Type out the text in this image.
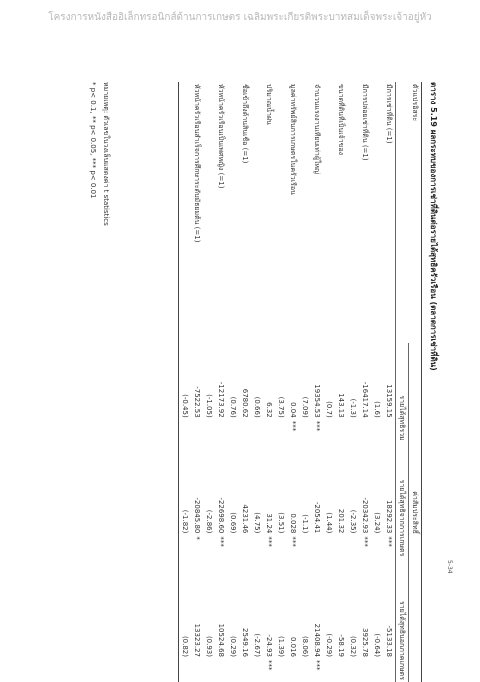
โครงการหนังสืออิเล็กทรอนิกส์ด้านการเกษตร เฉลิมพระเกียรติพระบาทสมเด็จพระเจ้าอยู่หัว
5-34
ตาราง 5.19 ผลกระทบของการเช่าที่ดินต่อรายได้สุทธิครัวเรือน (ตลาดการเช่าที่ดิน)
ตัวแปรอิสระ	ค่าสัมประสิทธิ์		
	รายได้สุทธิรวม	รายได้สุทธิจากการเกษตร	รายได้สุทธินอกภาคเกษตร
มีการเช่าที่ดิน (=1)	13159.15	18292.33***	-5133.18
	(1.6)	(3.24)	(-0.64)
มีการปล่อยเช่าที่ดิน (=1)	-16417.14	-20342.93***	3925.78
	(-1.3)	(-2.35)	(0.32)
ขนาดที่ดินที่เป็นเจ้าของ	143.13	201.32	-58.19
	(0.7)	(1.44)	(-0.29)
จำนวนแรงงานเทียบเท่าผู้ใหญ่	19354.53***	-2054.41	21408.94***
	(7.09)	(-1.1)	(8.06)
มูลค่าทรัพย์สินการเกษตรในครัวเรือน	0.04***	0.028***	0.016
	(3.75)	(3.51)	(1.39)
ปริมาณน้ำฝน	6.32	31.24***	-24.93***
	(0.66)	(4.75)	(-2.67)
ชื่อเข้าถึงด้านสินเชื่อ (=1)	6780.62	4231.46	2549.16
	(0.76)	(0.69)	(0.29)
หัวหน้าครัวเรือนเป็นเพศหญิง (=1)	-12173.92	-22698.60***	10524.68
	(-1.05)	(-2.86)	(0.93)
หัวหน้าครัวเรือนสำเร็จการศึกษาระดับมัธยมต้น (=1)	-7522.53	-20845.80*	13323.27
	(-0.45)	(-1.82)	(0.82)
หมายเหตุ: ตัวเลขในวงเล็บแสดงค่า t statistics
* p< 0.1, ** p< 0.05, *** p< 0.01
